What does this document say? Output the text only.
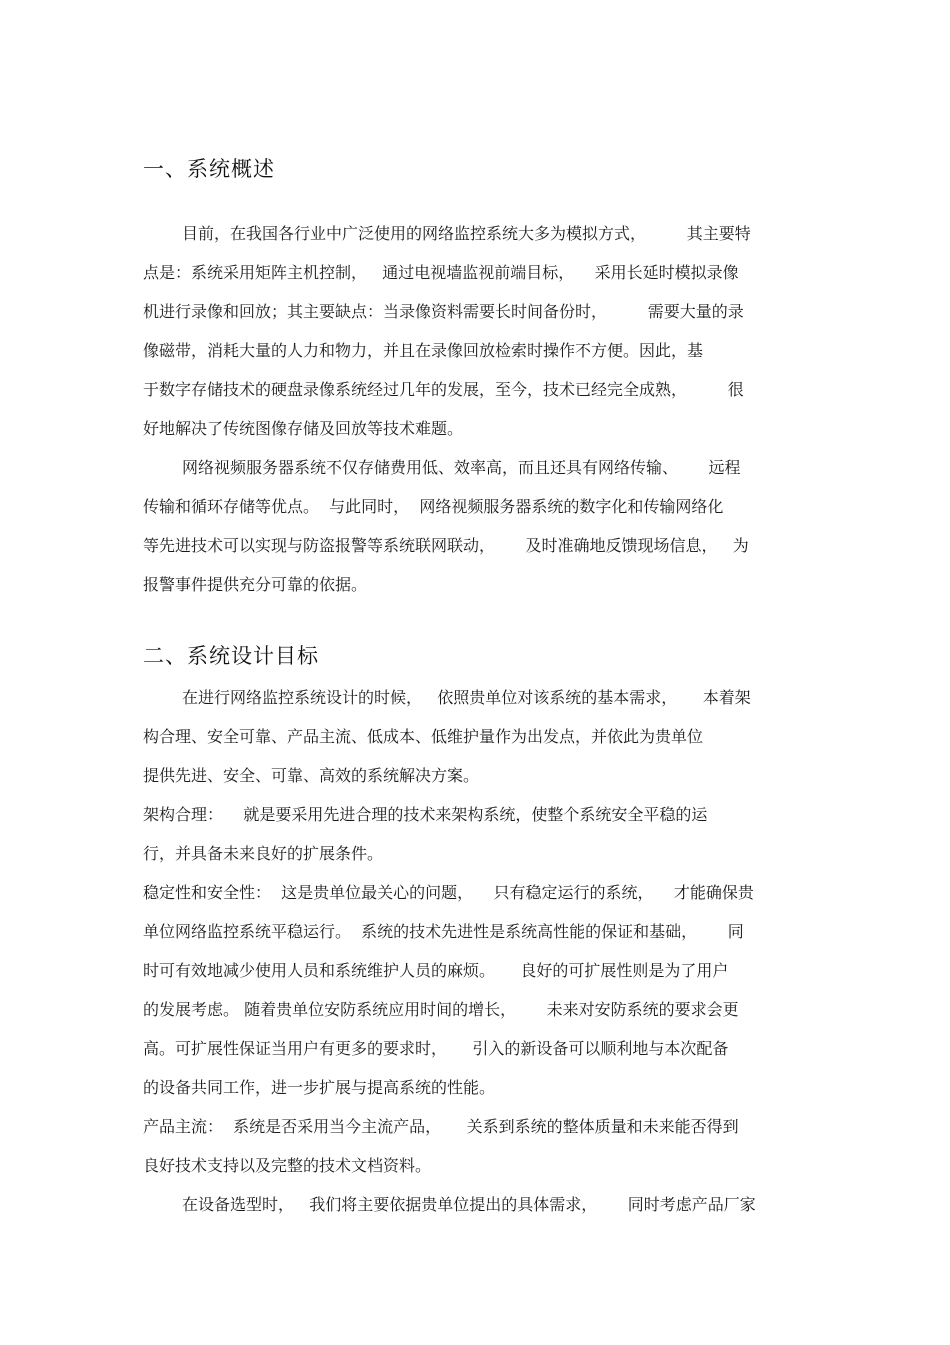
一、系统概述
目前，在我国各行业中广泛使用的网络监控系统大多为模拟方式，        其主要特
点是：系统采用矩阵主机控制，   通过电视墙监视前端目标，    采用长延时模拟录像
机进行录像和回放；其主要缺点：当录像资料需要长时间备份时，        需要大量的录
像磁带，消耗大量的人力和物力，并且在录像回放检索时操作不方便。因此，基
于数字存储技术的硬盘录像系统经过几年的发展，至今，技术已经完全成熟，        很
好地解决了传统图像存储及回放等技术难题。
网络视频服务器系统不仅存储费用低、效率高，而且还具有网络传输、      远程
传输和循环存储等优点。  与此同时，  网络视频服务器系统的数字化和传输网络化
等先进技术可以实现与防盗报警等系统联网联动，      及时准确地反馈现场信息，   为
报警事件提供充分可靠的依据。
二、系统设计目标
在进行网络监控系统设计的时候，   依照贵单位对该系统的基本需求，     本着架
构合理、安全可靠、产品主流、低成本、低维护量作为出发点，并依此为贵单位
提供先进、安全、可靠、高效的系统解决方案。
架构合理：    就是要采用先进合理的技术来架构系统，使整个系统安全平稳的运
行，并具备未来良好的扩展条件。
稳定性和安全性：  这是贵单位最关心的问题，    只有稳定运行的系统，    才能确保贵
单位网络监控系统平稳运行。  系统的技术先进性是系统高性能的保证和基础，      同
时可有效地减少使用人员和系统维护人员的麻烦。     良好的可扩展性则是为了用户
的发展考虑。 随着贵单位安防系统应用时间的增长，      未来对安防系统的要求会更
高。可扩展性保证当用户有更多的要求时，     引入的新设备可以顺利地与本次配备
的设备共同工作，进一步扩展与提高系统的性能。
产品主流：  系统是否采用当今主流产品，     关系到系统的整体质量和未来能否得到
良好技术支持以及完整的技术文档资料。
在设备选型时，   我们将主要依据贵单位提出的具体需求，      同时考虑产品厂家
